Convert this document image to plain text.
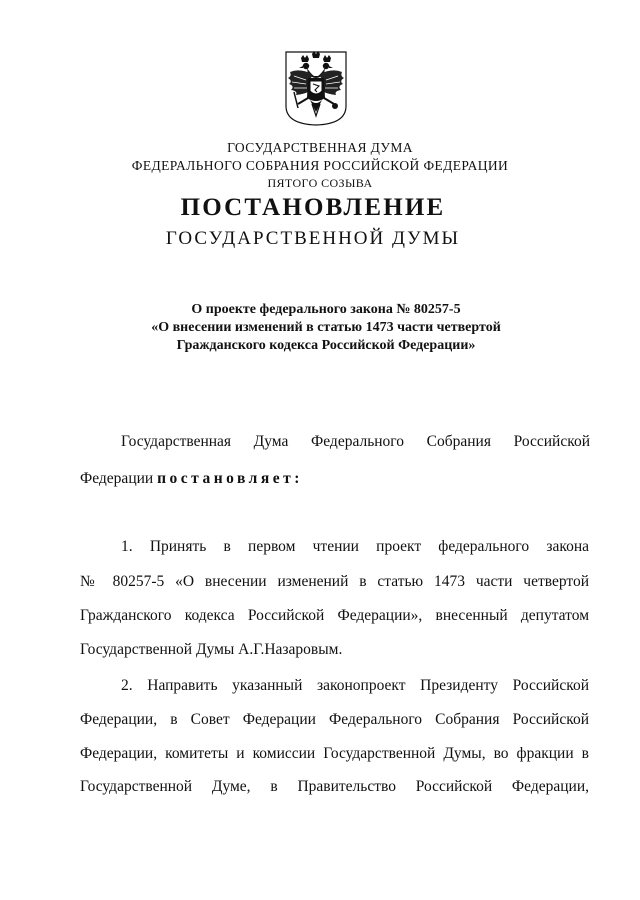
ГОСУДАРСТВЕННАЯ ДУМА
ФЕДЕРАЛЬНОГО СОБРАНИЯ РОССИЙСКОЙ ФЕДЕРАЦИИ
ПЯТОГО СОЗЫВА
ПОСТАНОВЛЕНИЕ
ГОСУДАРСТВЕННОЙ ДУМЫ
О проекте федерального закона № 80257-5
«О внесении изменений в статью 1473 части четвертой
Гражданского кодекса Российской Федерации»
Государственная Дума Федерального Собрания Российской
Федерации постановляет:
1. Принять в первом чтении проект федерального закона
№ 80257-5 «О внесении изменений в статью 1473 части четвертой
Гражданского кодекса Российской Федерации», внесенный депутатом
Государственной Думы А.Г.Назаровым.
2. Направить указанный законопроект Президенту Российской
Федерации, в Совет Федерации Федерального Собрания Российской
Федерации, комитеты и комиссии Государственной Думы, во фракции в
Государственной Думе, в Правительство Российской Федерации,
